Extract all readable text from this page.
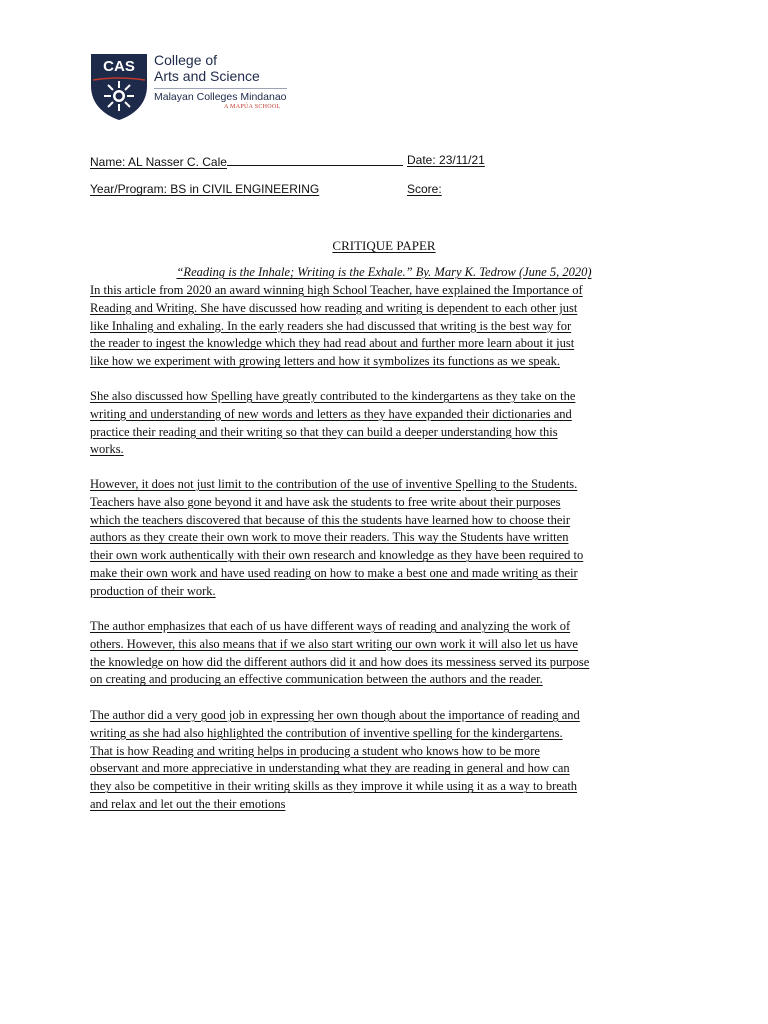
CAS College of
Arts and Science
Malayan Colleges Mindanao
A MAPÚA SCHOOL
Name: AL Nasser C. Cale	Date: 23/11/21
Year/Program: BS in CIVIL ENGINEERING	Score:
CRITIQUE PAPER
“Reading is the Inhale; Writing is the Exhale.” By. Mary K. Tedrow (June 5, 2020)
In this article from 2020 an award winning high School Teacher, have explained the Importance of
Reading and Writing. She have discussed how reading and writing is dependent to each other just
like Inhaling and exhaling. In the early readers she had discussed that writing is the best way for
the reader to ingest the knowledge which they had read about and further more learn about it just
like how we experiment with growing letters and how it symbolizes its functions as we speak.
She also discussed how Spelling have greatly contributed to the kindergartens as they take on the
writing and understanding of new words and letters as they have expanded their dictionaries and
practice their reading and their writing so that they can build a deeper understanding how this
works.
However, it does not just limit to the contribution of the use of inventive Spelling to the Students.
Teachers have also gone beyond it and have ask the students to free write about their purposes
which the teachers discovered that because of this the students have learned how to choose their
authors as they create their own work to move their readers. This way the Students have written
their own work authentically with their own research and knowledge as they have been required to
make their own work and have used reading on how to make a best one and made writing as their
production of their work.
The author emphasizes that each of us have different ways of reading and analyzing the work of
others. However, this also means that if we also start writing our own work it will also let us have
the knowledge on how did the different authors did it and how does its messiness served its purpose
on creating and producing an effective communication between the authors and the reader.
The author did a very good job in expressing her own though about the importance of reading and
writing as she had also highlighted the contribution of inventive spelling for the kindergartens.
That is how Reading and writing helps in producing a student who knows how to be more
observant and more appreciative in understanding what they are reading in general and how can
they also be competitive in their writing skills as they improve it while using it as a way to breath
and relax and let out the their emotions
